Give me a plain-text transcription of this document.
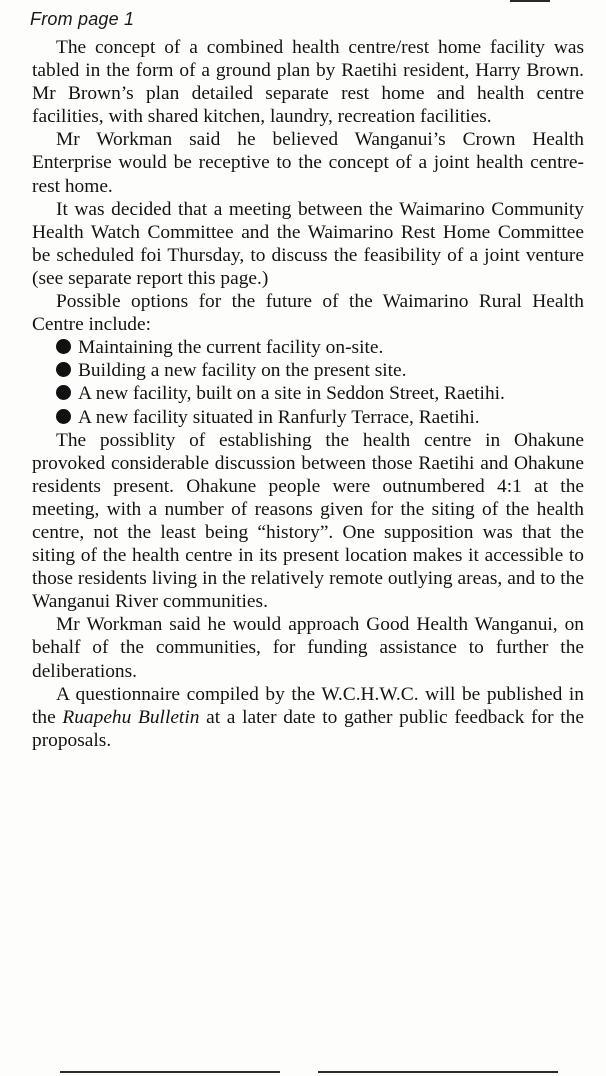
From page 1

The concept of a combined health centre/rest home facility was tabled in the form of a ground plan by Raetihi resident, Harry Brown. Mr Brown’s plan detailed separate rest home and health centre facilities, with shared kitchen, laundry, recreation facilities.

Mr Workman said he believed Wanganui’s Crown Health Enterprise would be receptive to the concept of a joint health centre- rest home.

It was decided that a meeting between the Waimarino Community Health Watch Committee and the Waimarino Rest Home Committee be scheduled foi Thursday, to discuss the feasibility of a joint venture (see separate report this page.)

Possible options for the future of the Waimarino Rural Health Centre include:

Maintaining the current facility on-site.

Building a new facility on the present site.

A new facility, built on a site in Seddon Street, Raetihi.

A new facility situated in Ranfurly Terrace, Raetihi.

The possiblity of establishing the health centre in Ohakune provoked considerable discussion between those Raetihi and Ohakune residents present. Ohakune people were outnumbered 4:1 at the meeting, with a number of reasons given for the siting of the health centre, not the least being “history”. One supposition was that the siting of the health centre in its present location makes it accessible to those residents living in the relatively remote outlying areas, and to the Wanganui River communities.

Mr Workman said he would approach Good Health Wanganui, on behalf of the communities, for funding assistance to further the deliberations.

A questionnaire compiled by the W.C.H.W.C. will be published in the Ruapehu Bulletin at a later date to gather public feedback for the proposals.
